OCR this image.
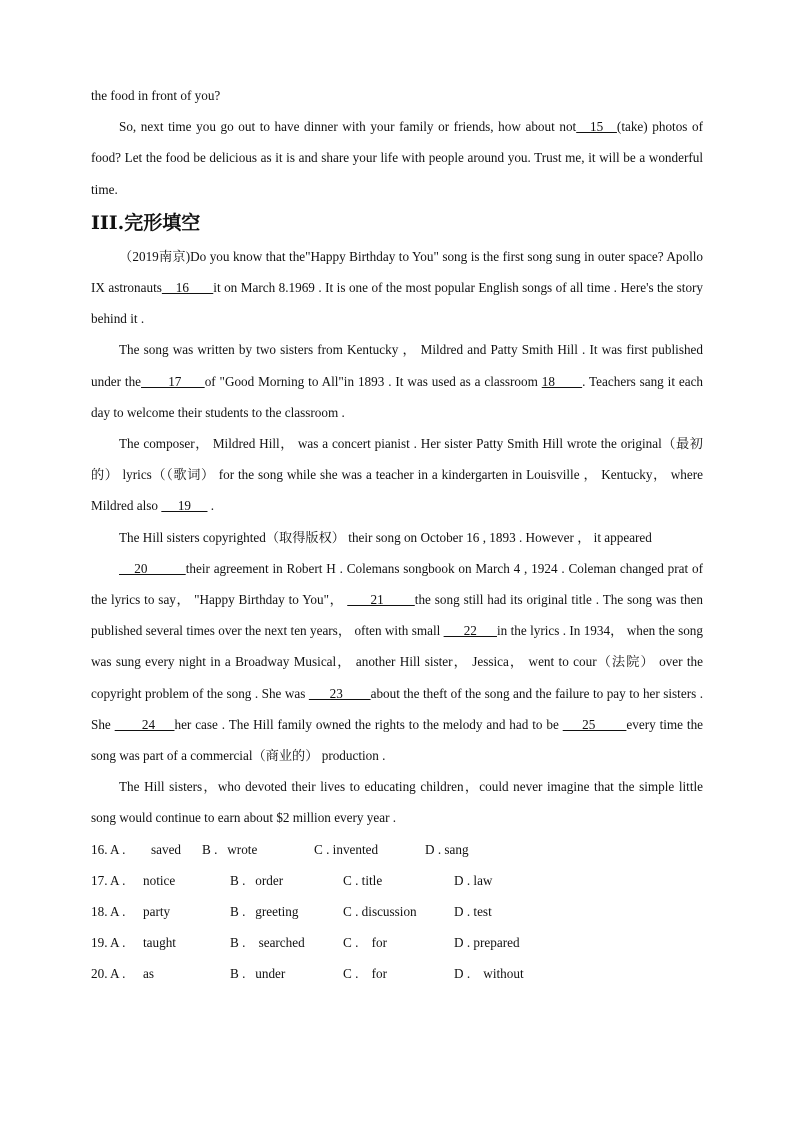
the food in front of you?

So, next time you go out to have dinner with your family or friends, how about not   15   (take) photos of food? Let the food be delicious as it is and share your life with people around you. Trust me, it will be a wonderful time.

III.完形填空

（2019南京)Do you know that the"Happy Birthday to You" song is the first song sung in outer space? Apollo IX astronauts    16       it on March 8.1969 . It is one of the most popular English songs of all time . Here's the story behind it .

The song was written by two sisters from Kentucky ， Mildred and Patty Smith Hill . It was first published under the       17      of "Good Morning to All"in 1893 . It was used as a classroom 18       . Teachers sang it each day to welcome their students to the classroom .

The composer， Mildred Hill， was a concert pianist . Her sister Patty Smith Hill wrote the original（最初的） lyrics（（歌词） for the song while she was a teacher in a kindergarten in Louisville ， Kentucky， where Mildred also      19      .

The Hill sisters copyrighted（取得版权） their song on October 16 , 1893 . However ， it appeared

20          their agreement in Robert H . Colemans songbook on March 4 , 1924 . Coleman changed prat of the lyrics to say， "Happy Birthday to You"，       21        the song still had its original title . The song was then published several times over the next ten years， often with small       22      in the lyrics . In 1934， when the song was sung every night in a Broadway Musical， another Hill sister， Jessica， went to cour（法院） over the copyright problem of the song . She was       23        about the theft of the song and the failure to pay to her sisters . She        24     her case . The Hill family owned the rights to the melody and had to be      25        every time the song was part of a commercial（商业的） production .

The Hill sisters，who devoted their lives to educating children，could never imagine that the simple little song would continue to earn about $2 million every year .

16. A .	saved	B .   wrote	C . invented	D . sang
17. A .	notice	B .   order	C . title	D . law
18. A .	party	B .   greeting	C . discussion	D . test
19. A .	taught	B .    searched	C .    for	D . prepared
20. A .	as	B .   under	C .    for	D .    without
